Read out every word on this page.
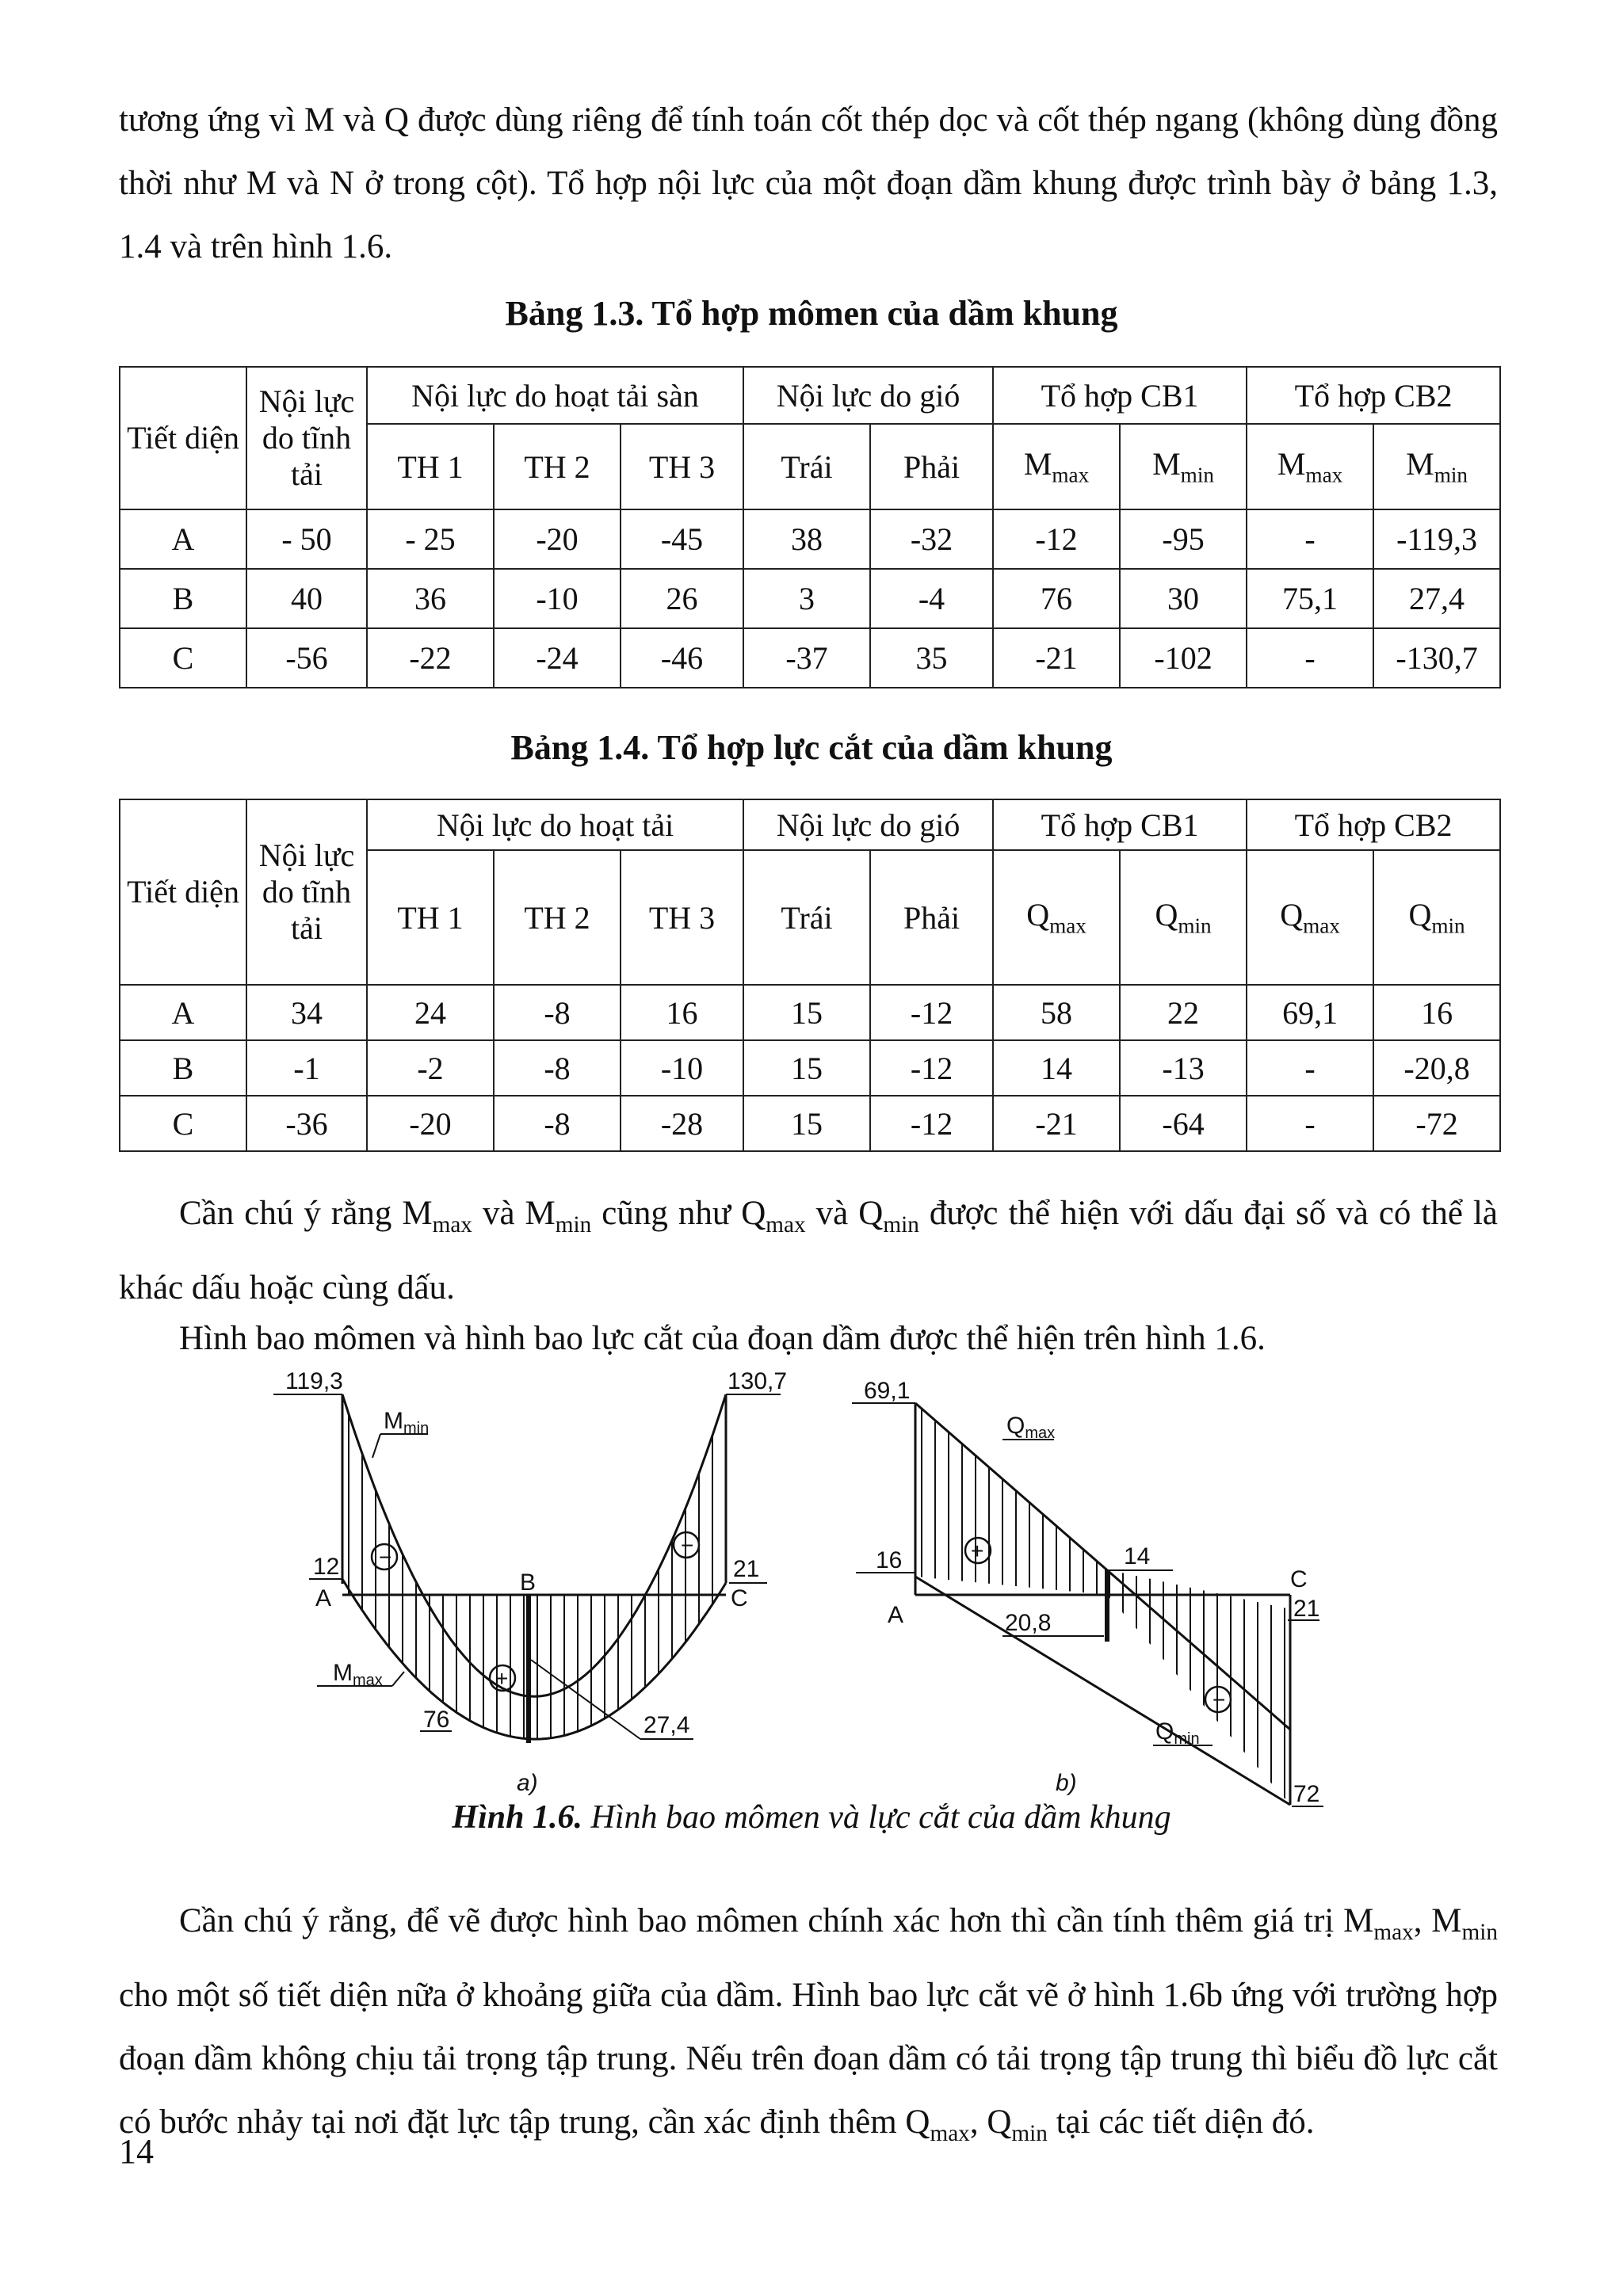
tương ứng vì M và Q được dùng riêng để tính toán cốt thép dọc và cốt thép ngang (không dùng đồng thời như M và N ở trong cột). Tổ hợp nội lực của một đoạn dầm khung được trình bày ở bảng 1.3, 1.4 và trên hình 1.6.

Bảng 1.3. Tổ hợp mômen của dầm khung

Tiết diện	Nội lực do tĩnh tải	Nội lực do hoạt tải sàn			Nội lực do gió		Tổ hợp CB1		Tổ hợp CB2	
		TH 1	TH 2	TH 3	Trái	Phải	$M_{max}$	$M_{min}$	$M_{max}$	$M_{min}$
A	- 50	- 25	-20	-45	38	-32	-12	-95	-	-119,3
B	40	36	-10	26	3	-4	76	30	75,1	27,4
C	-56	-22	-24	-46	-37	35	-21	-102	-	-130,7

Bảng 1.4. Tổ hợp lực cắt của dầm khung

Tiết diện	Nội lực do tĩnh tải	Nội lực do hoạt tải			Nội lực do gió		Tổ hợp CB1		Tổ hợp CB2	
		TH 1	TH 2	TH 3	Trái	Phải	$Q_{max}$	$Q_{min}$	$Q_{max}$	$Q_{min}$
A	34	24	-8	16	15	-12	58	22	69,1	16
B	-1	-2	-8	-10	15	-12	14	-13	-	-20,8
C	-36	-20	-8	-28	15	-12	-21	-64	-	-72

Cần chú ý rằng $M_{max}$ và $M_{min}$ cũng như $Q_{max}$ và $Q_{min}$ được thể hiện với dấu đại số và có thể là khác dấu hoặc cùng dấu.

Hình bao mômen và hình bao lực cắt của đoạn dầm được thể hiện trên hình 1.6.

119,3	130,7
12	21
A
B
C
76	27,4
$M_{min}$
$M_{max}$
−	−
+
a)
69,1
16
A
14
20,8
C
21
72
$Q_{max}$
$Q_{min}$
+
−
b)

Hình 1.6. Hình bao mômen và lực cắt của dầm khung

Cần chú ý rằng, để vẽ được hình bao mômen chính xác hơn thì cần tính thêm giá trị $M_{max}$, $M_{min}$ cho một số tiết diện nữa ở khoảng giữa của dầm. Hình bao lực cắt vẽ ở hình 1.6b ứng với trường hợp đoạn dầm không chịu tải trọng tập trung. Nếu trên đoạn dầm có tải trọng tập trung thì biểu đồ lực cắt có bước nhảy tại nơi đặt lực tập trung, cần xác định thêm $Q_{max}$, $Q_{min}$ tại các tiết diện đó.

14
